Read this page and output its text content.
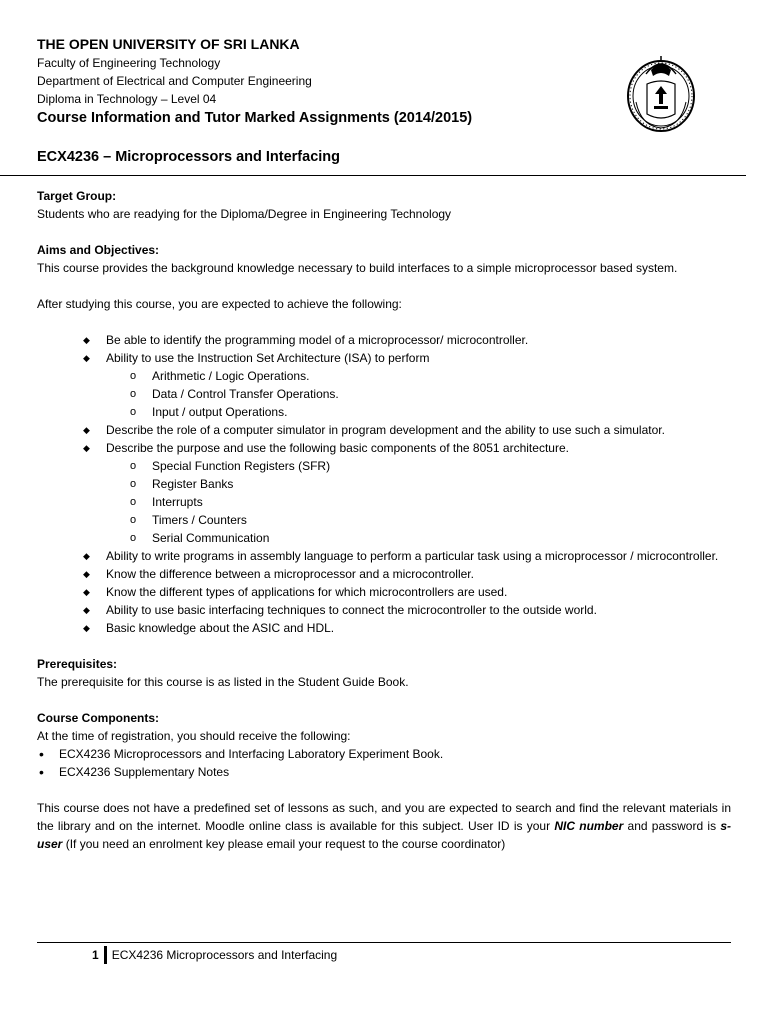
THE OPEN UNIVERSITY OF SRI LANKA
Faculty of Engineering Technology
Department of Electrical and Computer Engineering
Diploma in Technology – Level 04
Course Information and Tutor Marked Assignments (2014/2015)
ECX4236 – Microprocessors and Interfacing

Target Group:

Students who are readying for the Diploma/Degree in Engineering Technology

Aims and Objectives:

This course provides the background knowledge necessary to build interfaces to a simple microprocessor based system.

After studying this course, you are expected to achieve the following:

◆ Be able to identify the programming model of a microprocessor/ microcontroller.
◆ Ability to use the Instruction Set Architecture (ISA) to perform
o Arithmetic / Logic Operations.
o Data / Control Transfer Operations.
o Input / output Operations.
◆ Describe the role of a computer simulator in program development and the ability to use such a simulator.
◆ Describe the purpose and use the following basic components of the 8051 architecture.
o Special Function Registers (SFR)
o Register Banks
o Interrupts
o Timers / Counters
o Serial Communication
◆ Ability to write programs in assembly language to perform a particular task using a microprocessor / microcontroller.
◆ Know the difference between a microprocessor and a microcontroller.
◆ Know the different types of applications for which microcontrollers are used.
◆ Ability to use basic interfacing techniques to connect the microcontroller to the outside world.
◆ Basic knowledge about the ASIC and HDL.

Prerequisites:

The prerequisite for this course is as listed in the Student Guide Book.

Course Components:

At the time of registration, you should receive the following:

• ECX4236 Microprocessors and Interfacing Laboratory Experiment Book.
• ECX4236 Supplementary Notes

This course does not have a predefined set of lessons as such, and you are expected to search and find the relevant materials in the library and on the internet. Moodle online class is available for this subject. User ID is your NIC number and password is s-user (If you need an enrolment key please email your request to the course coordinator)

1	ECX4236 Microprocessors and Interfacing
